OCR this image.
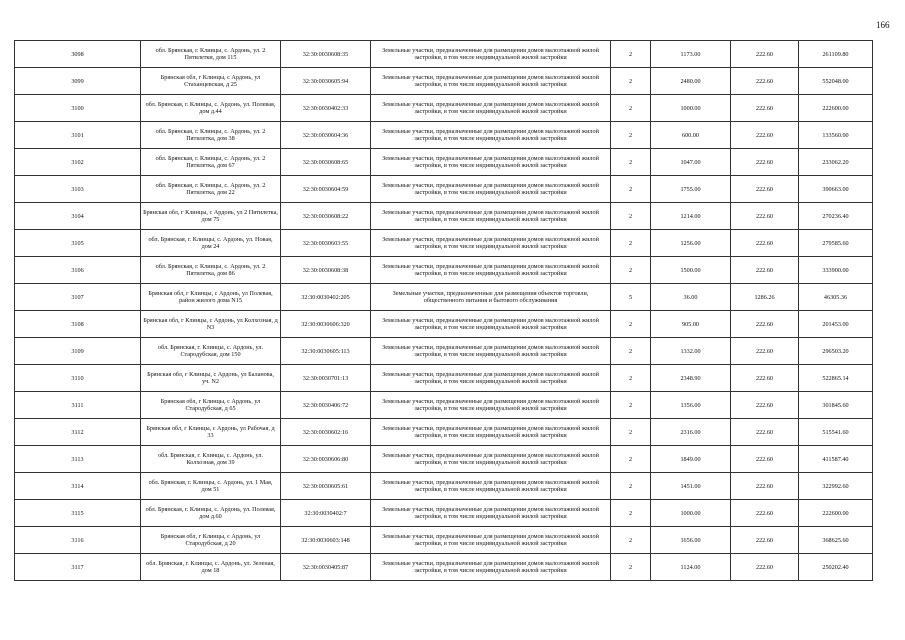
166
3098	обл. Брянская, г. Клинцы, с. Ардонь, ул. 2 Пятилетки, дом 115	32:30:0030608:35	Земельные участки, предназначенные для размещения домов малоэтажной жилой застройки, в том числе индивидуальной жилой застройки	2	1173.00	222.60	261109.80
3099	Брянская обл, г Клинцы, с Ардонь, ул Стаханцевская, д 25	32:30:0030605:94	Земельные участки, предназначенные для размещения домов малоэтажной жилой застройки, в том числе индивидуальной жилой застройки	2	2480.00	222.60	552048.00
3100	обл. Брянская, г. Клинцы, с. Ардонь, ул. Полевая, дом д.44	32:30:0030402:33	Земельные участки, предназначенные для размещения домов малоэтажной жилой застройки, в том числе индивидуальной жилой застройки	2	1000.00	222.60	222600.00
3101	обл. Брянская, г. Клинцы, с. Ардонь, ул. 2 Пятилетка, дом 38	32:30:0030604:36	Земельные участки, предназначенные для размещения домов малоэтажной жилой застройки, в том числе индивидуальной жилой застройки	2	600.00	222.60	133560.00
3102	обл. Брянская, г. Клинцы, с. Ардонь, ул. 2 Пятилетка, дом 67	32:30:0030608:65	Земельные участки, предназначенные для размещения домов малоэтажной жилой застройки, в том числе индивидуальной жилой застройки	2	1047.00	222.60	233062.20
3103	обл. Брянская, г. Клинцы, с. Ардонь, ул. 2 Пятилетка, дом 22	32:30:0030604:59	Земельные участки, предназначенные для размещения домов малоэтажной жилой застройки, в том числе индивидуальной жилой застройки	2	1755.00	222.60	390663.00
3104	Брянская обл, г Клинцы, с Ардонь, ул 2 Пятилетка, дом 75	32:30:0030608:22	Земельные участки, предназначенные для размещения домов малоэтажной жилой застройки, в том числе индивидуальной жилой застройки	2	1214.00	222.60	270236.40
3105	обл. Брянская, г. Клинцы, с. Ардонь, ул. Новая, дом 24	32:30:0030603:55	Земельные участки, предназначенные для размещения домов малоэтажной жилой застройки, в том числе индивидуальной жилой застройки	2	1256.00	222.60	279585.60
3106	обл. Брянская, г. Клинцы, с. Ардонь, ул. 2 Пятилетка, дом 86	32:30:0030608:38	Земельные участки, предназначенные для размещения домов малоэтажной жилой застройки, в том числе индивидуальной жилой застройки	2	1500.00	222.60	333900.00
3107	Брянская обл, г Клинцы, с Ардонь, ул Полевая, район жилого дома N15	32:30:0030402:205	Земельные участки, предназначенные для размещения объектов торговли, общественного питания и бытового обслуживания	5	36.00	1286.26	46305.36
3108	Брянская обл, г Клинцы, с Ардонь, ул Колхозная, д N3	32:30:0030606:320	Земельные участки, предназначенные для размещения домов малоэтажной жилой застройки, в том числе индивидуальной жилой застройки	2	905.00	222.60	201453.00
3109	обл. Брянская, г. Клинцы, с. Ардонь, ул. Стародубская, дом 150	32:30:0030605:113	Земельные участки, предназначенные для размещения домов малоэтажной жилой застройки, в том числе индивидуальной жилой застройки	2	1332.00	222.60	296503.20
3110	Брянская обл, г Клинцы, с Ардонь, ул Баланова, уч. N2	32:30:0030701:13	Земельные участки, предназначенные для размещения домов малоэтажной жилой застройки, в том числе индивидуальной жилой застройки	2	2348.90	222.60	522865.14
3111	Брянская обл, г Клинцы, с Ардонь, ул Стародубская, д 65	32:30:0030406:72	Земельные участки, предназначенные для размещения домов малоэтажной жилой застройки, в том числе индивидуальной жилой застройки	2	1356.00	222.60	301845.60
3112	Брянская обл, г Клинцы, с Ардонь, ул Рабочая, д 33	32:30:0030602:16	Земельные участки, предназначенные для размещения домов малоэтажной жилой застройки, в том числе индивидуальной жилой застройки	2	2316.00	222.60	515541.60
3113	обл. Брянская, г. Клинцы, с. Ардонь, ул. Колхозная, дом 39	32:30:0030606:80	Земельные участки, предназначенные для размещения домов малоэтажной жилой застройки, в том числе индивидуальной жилой застройки	2	1849.00	222.60	411587.40
3114	обл. Брянская, г. Клинцы, с. Ардонь, ул. 1 Мая, дом 51	32:30:0030605:61	Земельные участки, предназначенные для размещения домов малоэтажной жилой застройки, в том числе индивидуальной жилой застройки	2	1451.00	222.60	322992.60
3115	обл. Брянская, г. Клинцы, с. Ардонь, ул. Полевая, дом д.60	32:30:0030402:7	Земельные участки, предназначенные для размещения домов малоэтажной жилой застройки, в том числе индивидуальной жилой застройки	2	1000.00	222.60	222600.00
3116	Брянская обл, г Клинцы, с Ардонь, ул Стародубская, д 20	32:30:0030603:148	Земельные участки, предназначенные для размещения домов малоэтажной жилой застройки, в том числе индивидуальной жилой застройки	2	1656.00	222.60	368625.60
3117	обл. Брянская, г. Клинцы, с. Ардонь, ул. Зеленая, дом 18	32:30:0030405:87	Земельные участки, предназначенные для размещения домов малоэтажной жилой застройки, в том числе индивидуальной жилой застройки	2	1124.00	222.60	250202.40
